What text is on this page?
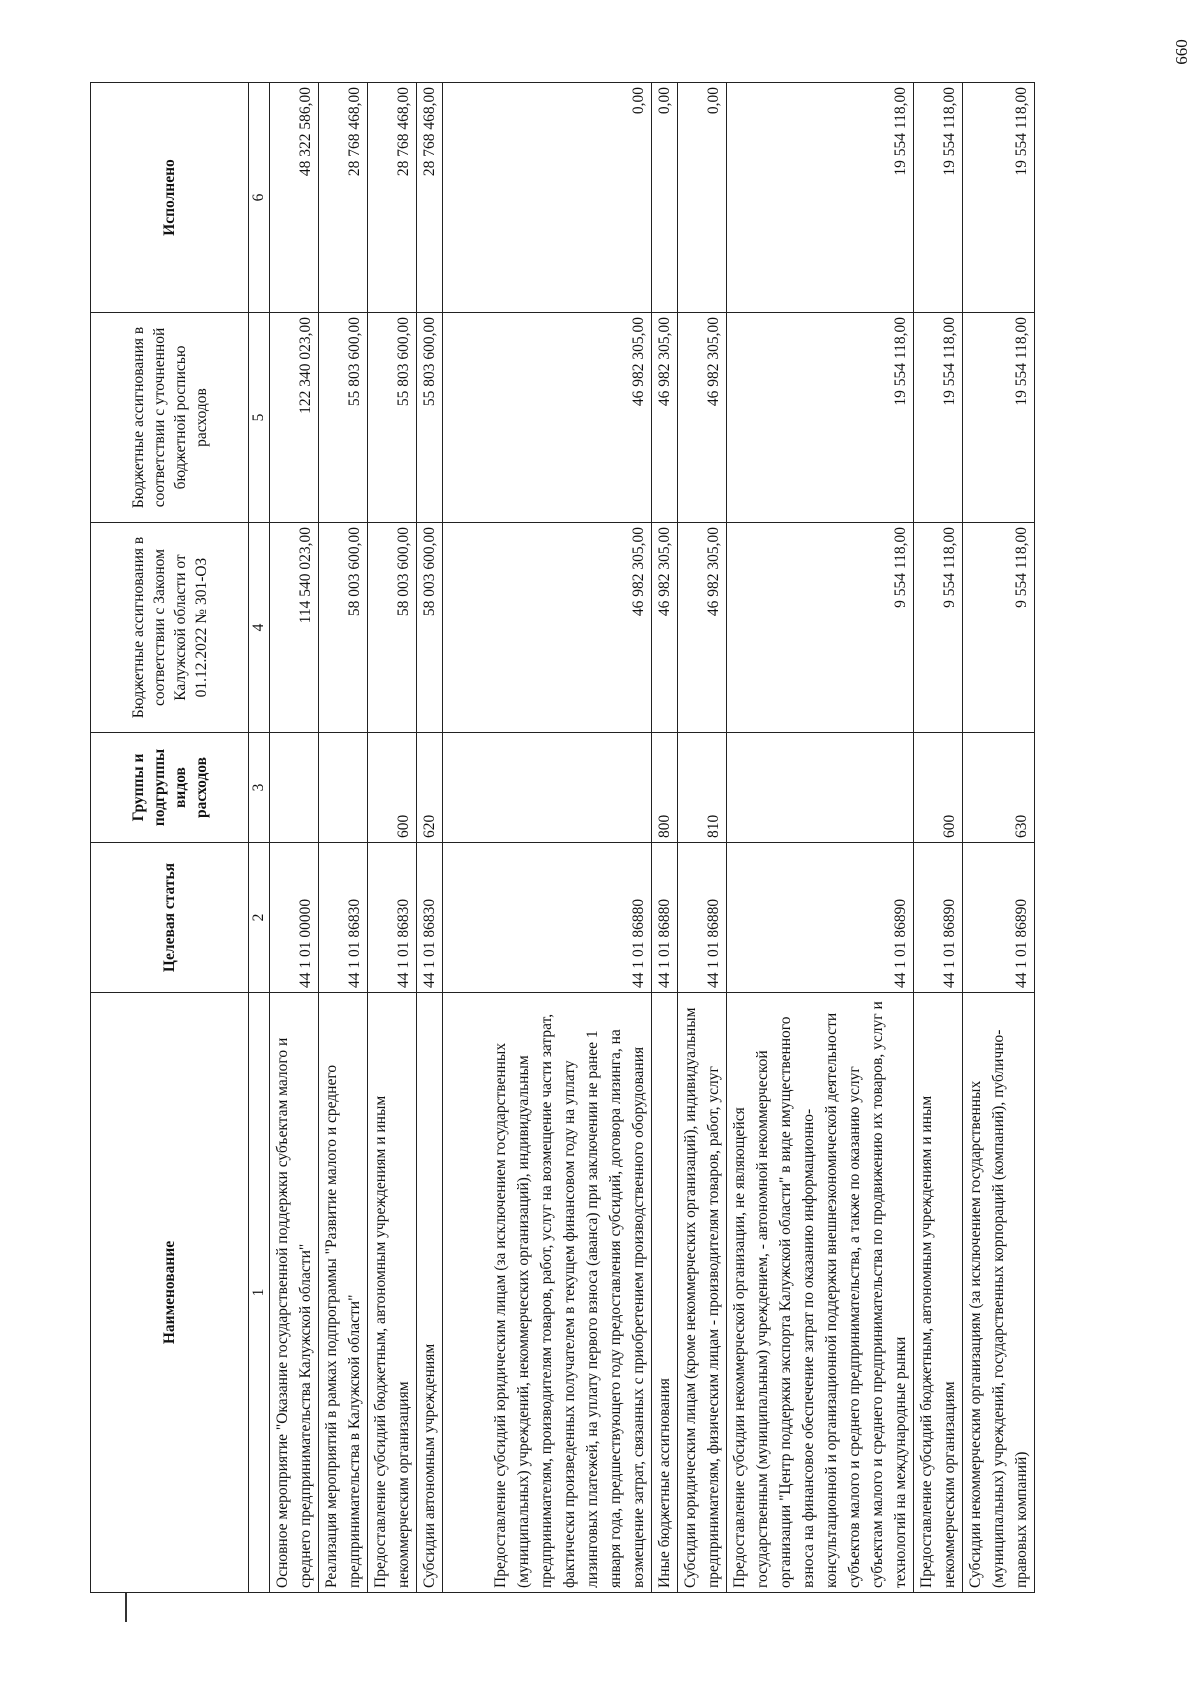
660
Наименование	Целевая статья	Группы и подгруппы видов расходов	Бюджетные ассигнования в соответствии с Законом Калужской области от 01.12.2022 № 301-ОЗ	Бюджетные ассигнования в соответствии с уточненной бюджетной росписью расходов	Исполнено
1	2	3	4	5	6
Основное мероприятие "Оказание государственной поддержки субъектам малого и среднего предпринимательства Калужской области"	44 1 01 00000		114 540 023,00	122 340 023,00	48 322 586,00
Реализация мероприятий в рамках подпрограммы "Развитие малого и среднего предпринимательства в Калужской области"	44 1 01 86830		58 003 600,00	55 803 600,00	28 768 468,00
Предоставление субсидий бюджетным, автономным учреждениям и иным некоммерческим организациям	44 1 01 86830	600	58 003 600,00	55 803 600,00	28 768 468,00
Субсидии автономным учреждениям	44 1 01 86830	620	58 003 600,00	55 803 600,00	28 768 468,00
Предоставление субсидий юридическим лицам (за исключением государственных (муниципальных) учреждений, некоммерческих организаций), индивидуальным предпринимателям, производителям товаров, работ, услуг на возмещение части затрат, фактически произведенных получателем в текущем финансовом году на уплату лизинговых платежей, на уплату первого взноса (аванса) при заключении не ранее 1 января года, предшествующего году предоставления субсидий, договора лизинга, на возмещение затрат, связанных с приобретением производственного оборудования	44 1 01 86880		46 982 305,00	46 982 305,00	0,00
Иные бюджетные ассигнования	44 1 01 86880	800	46 982 305,00	46 982 305,00	0,00
Субсидии юридическим лицам (кроме некоммерческих организаций), индивидуальным предпринимателям, физическим лицам - производителям товаров, работ, услуг	44 1 01 86880	810	46 982 305,00	46 982 305,00	0,00
Предоставление субсидии некоммерческой организации, не являющейся государственным (муниципальным) учреждением, - автономной некоммерческой организации "Центр поддержки экспорта Калужской области" в виде имущественного взноса на финансовое обеспечение затрат по оказанию информационно-консультационной и организационной поддержки внешнеэкономической деятельности субъектов малого и среднего предпринимательства, а также по оказанию услуг субъектам малого и среднего предпринимательства по продвижению их товаров, услуг и технологий на международные рынки	44 1 01 86890		9 554 118,00	19 554 118,00	19 554 118,00
Предоставление субсидий бюджетным, автономным учреждениям и иным некоммерческим организациям	44 1 01 86890	600	9 554 118,00	19 554 118,00	19 554 118,00
Субсидии некоммерческим организациям (за исключением государственных (муниципальных) учреждений, государственных корпораций (компаний), публично-правовых компаний)	44 1 01 86890	630	9 554 118,00	19 554 118,00	19 554 118,00
